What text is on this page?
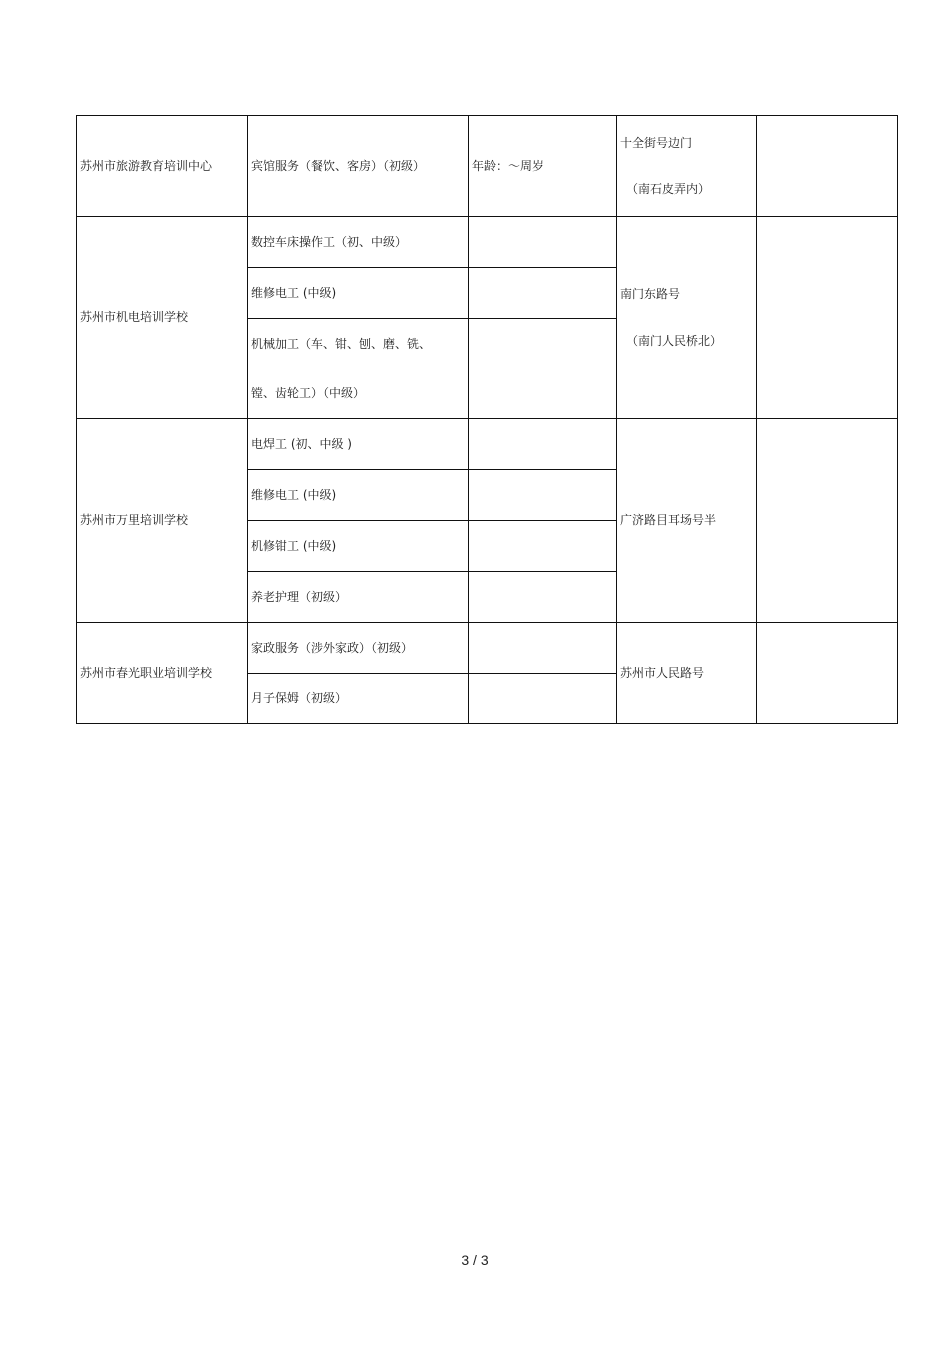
苏州市旅游教育培训中心	宾馆服务（餐饮、客房）（初级）	年龄：～周岁	十全街号边门
（南石皮弄内）	

苏州市机电培训学校	数控车床操作工（初、中级）		南门东路号
（南门人民桥北）	

	维修电工 (中级)			

	机械加工（车、钳、刨、磨、铣、
镗、齿轮工）（中级）			

苏州市万里培训学校	电焊工 (初、中级 )		广济路目耳场号半	
	维修电工 (中级)			
	机修钳工 (中级)			
	养老护理（初级）			
苏州市春光职业培训学校	家政服务（涉外家政）（初级）		苏州市人民路号	
	月子保姆（初级）			
3 / 3
